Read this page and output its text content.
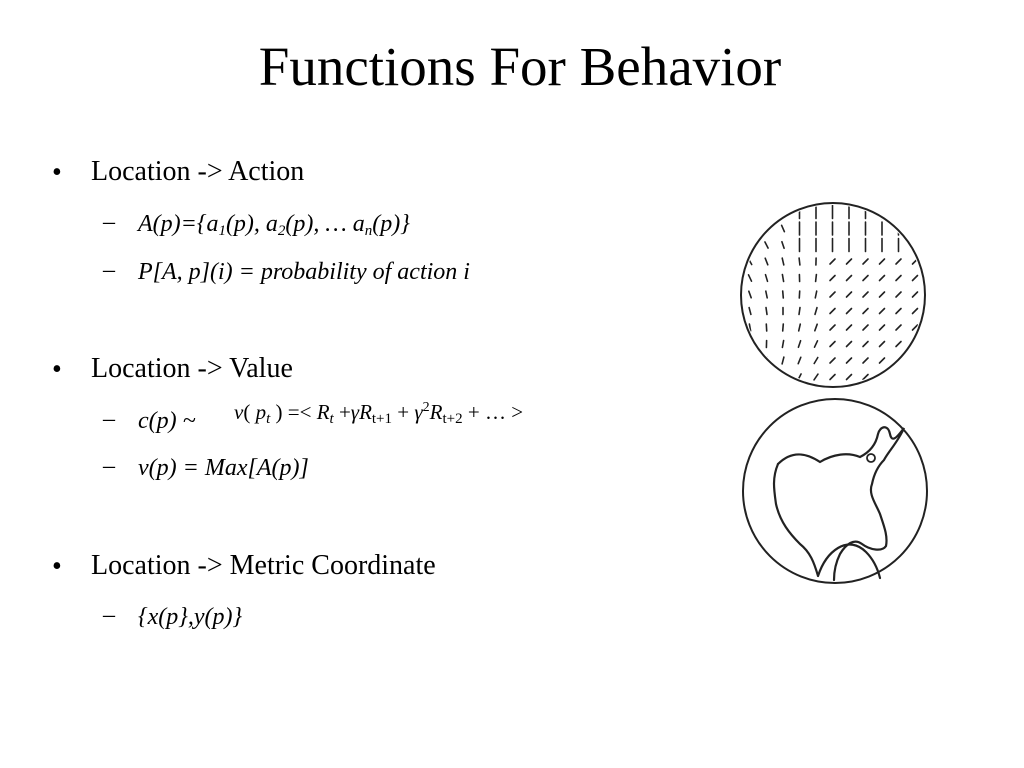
Functions For Behavior
• Location -> Action
– $A(p)=\{a_1(p)$, $a_2(p)$, … $a_n(p)$}
– P[A, p](i) = probability of action i
• Location -> Value
– c(p) ~ v( $p_t$ ) =< $R_t +\gamma R_{t+1} + \gamma^2R_{t+2}$ + … >
– v(p) = Max[A(p)]
• Location -> Metric Coordinate
– {x(p},y(p)}
